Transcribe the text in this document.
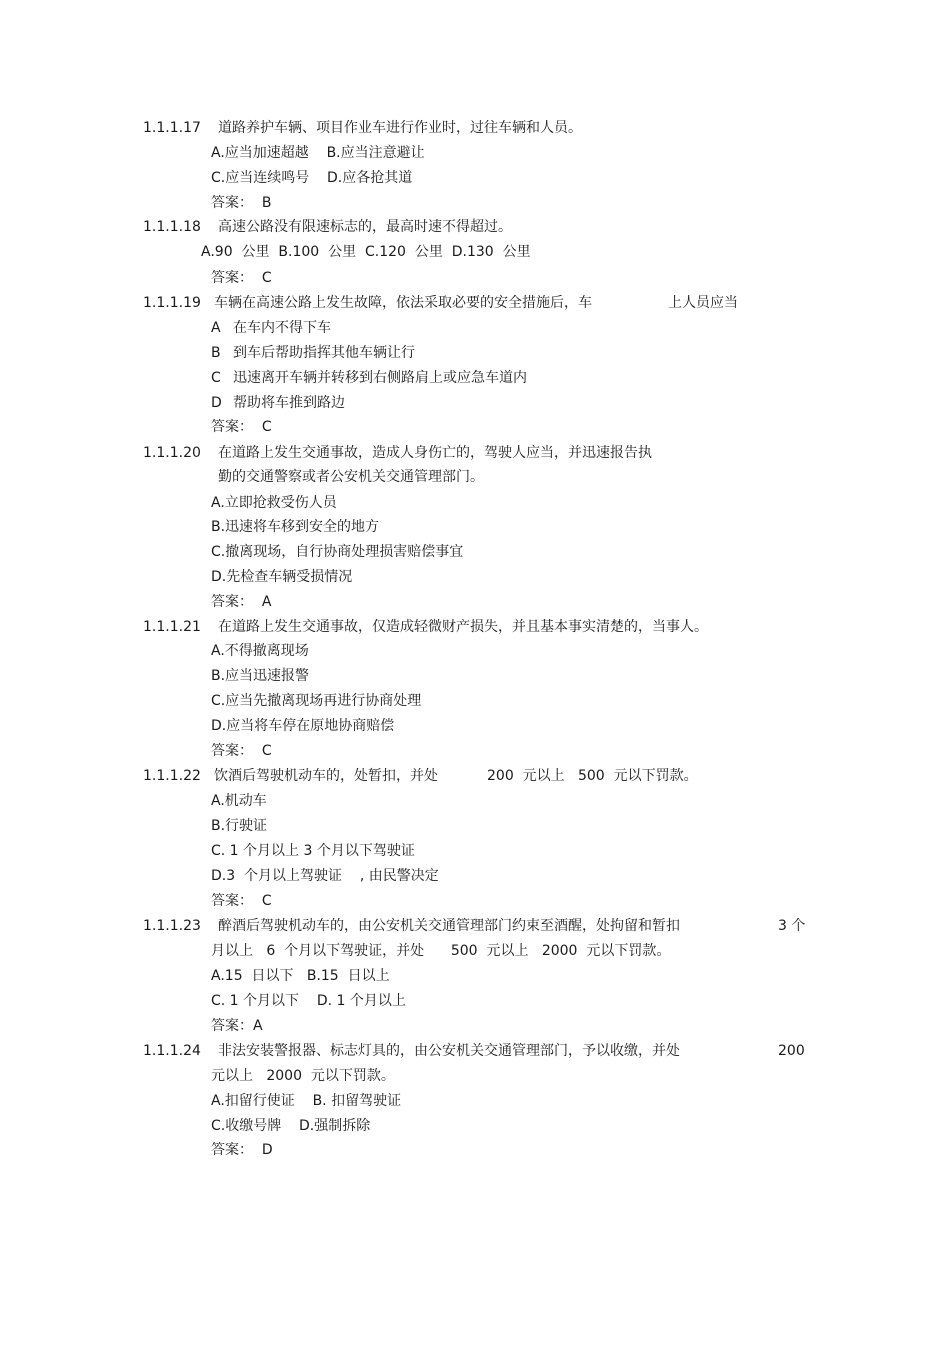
1.1.1.17 道路养护车辆、项目作业车进行作业时，过往车辆和人员。
A.应当加速超越    B.应当注意避让
C.应当连续鸣号    D.应各抢其道
答案：  B
1.1.1.18 高速公路没有限速标志的，最高时速不得超过。
A.90  公里  B.100  公里  C.120  公里  D.130  公里
答案：  C
1.1.1.19 车辆在高速公路上发生故障，依法采取必要的安全措施后，车	上人员应当
A 在车内不得下车
B 到车后帮助指挥其他车辆让行
C 迅速离开车辆并转移到右侧路肩上或应急车道内
D 帮助将车推到路边
答案：  C
1.1.1.20 在道路上发生交通事故，造成人身伤亡的，驾驶人应当，并迅速报告执
勤的交通警察或者公安机关交通管理部门。
A.立即抢救受伤人员
B.迅速将车移到安全的地方
C.撤离现场，自行协商处理损害赔偿事宜
D.先检查车辆受损情况
答案：  A
1.1.1.21 在道路上发生交通事故，仅造成轻微财产损失，并且基本事实清楚的，当事人。
A.不得撤离现场
B.应当迅速报警
C.应当先撤离现场再进行协商处理
D.应当将车停在原地协商赔偿
答案：  C
1.1.1.22 饮酒后驾驶机动车的，处暂扣，并处	200  元以上   500  元以下罚款。
A.机动车
B.行驶证
C. 1 个月以上 3 个月以下驾驶证
D.3  个月以上驾驶证    , 由民警决定
答案：  C
1.1.1.23 醉酒后驾驶机动车的，由公安机关交通管理部门约束至酒醒，处拘留和暂扣	3 个
月以上   6  个月以下驾驶证，并处      500  元以上   2000  元以下罚款。
A.15  日以下   B.15  日以上
C. 1 个月以下    D. 1 个月以上
答案：A
1.1.1.24 非法安装警报器、标志灯具的，由公安机关交通管理部门，予以收缴，并处	200
元以上   2000  元以下罚款。
A.扣留行使证    B. 扣留驾驶证
C.收缴号牌    D.强制拆除
答案：  D
